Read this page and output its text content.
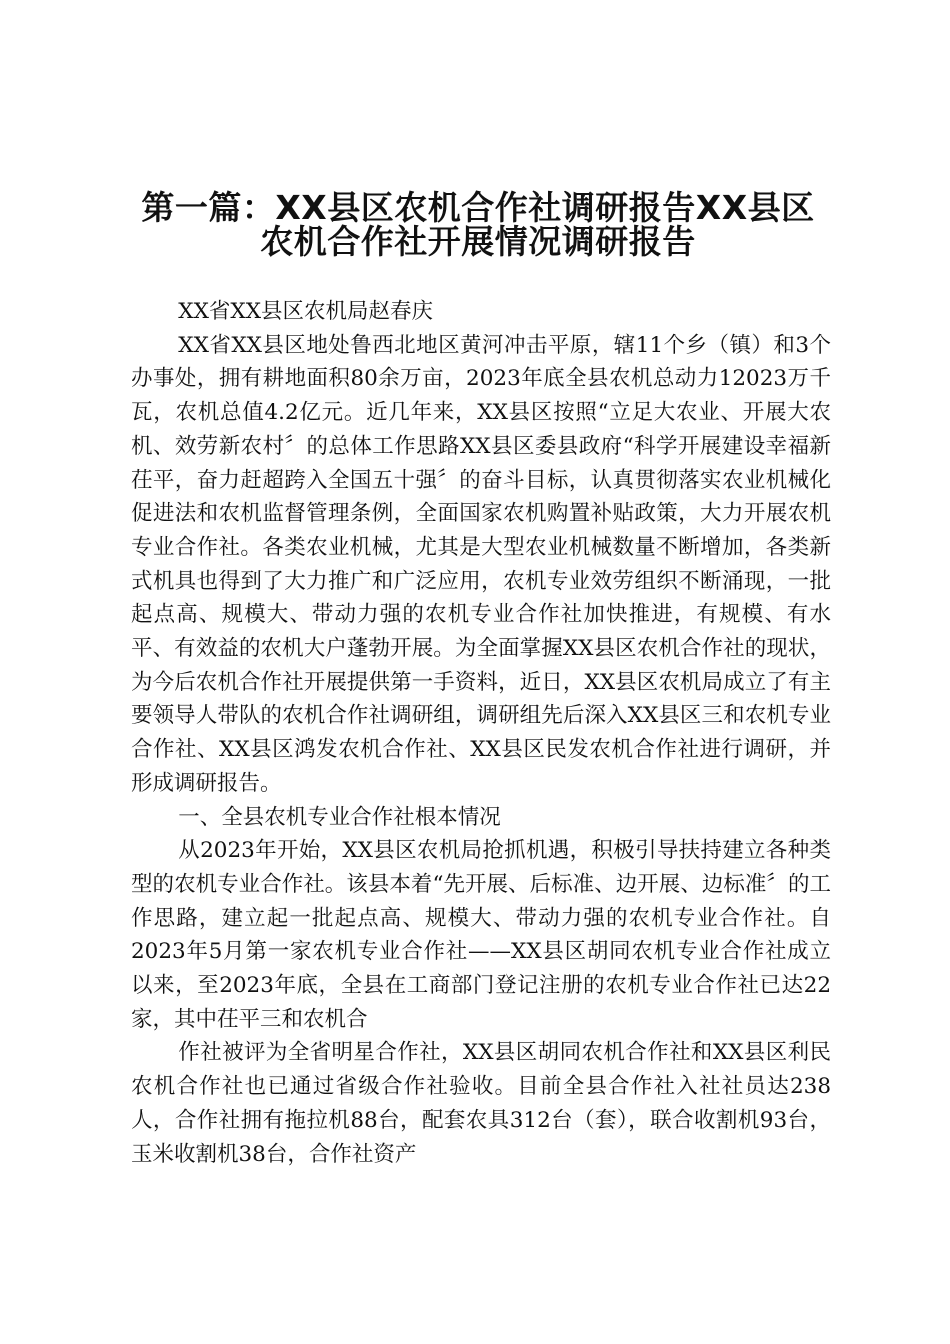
第一篇：XX县区农机合作社调研报告XX县区
农机合作社开展情况调研报告

XX省XX县区农机局赵春庆

XX省XX县区地处鲁西北地区黄河冲击平原，辖11个乡（镇）和3个办事处，拥有耕地面积80余万亩，2023年底全县农机总动力12023万千瓦，农机总值4.2亿元。近几年来，XX县区按照“立足大农业、开展大农机、效劳新农村〞的总体工作思路XX县区委县政府“科学开展建设幸福新茌平，奋力赶超跨入全国五十强〞的奋斗目标，认真贯彻落实农业机械化促进法和农机监督管理条例，全面国家农机购置补贴政策，大力开展农机专业合作社。各类农业机械，尤其是大型农业机械数量不断增加，各类新式机具也得到了大力推广和广泛应用，农机专业效劳组织不断涌现，一批起点高、规模大、带动力强的农机专业合作社加快推进，有规模、有水平、有效益的农机大户蓬勃开展。为全面掌握XX县区农机合作社的现状，为今后农机合作社开展提供第一手资料，近日，XX县区农机局成立了有主要领导人带队的农机合作社调研组，调研组先后深入XX县区三和农机专业合作社、XX县区鸿发农机合作社、XX县区民发农机合作社进行调研，并形成调研报告。

一、全县农机专业合作社根本情况

从2023年开始，XX县区农机局抢抓机遇，积极引导扶持建立各种类型的农机专业合作社。该县本着“先开展、后标准、边开展、边标准〞的工作思路，建立起一批起点高、规模大、带动力强的农机专业合作社。自2023年5月第一家农机专业合作社——XX县区胡同农机专业合作社成立以来，至2023年底，全县在工商部门登记注册的农机专业合作社已达22家，其中茌平三和农机合

作社被评为全省明星合作社，XX县区胡同农机合作社和XX县区利民农机合作社也已通过省级合作社验收。目前全县合作社入社社员达238人，合作社拥有拖拉机88台，配套农具312台（套），联合收割机93台，玉米收割机38台，合作社资产
